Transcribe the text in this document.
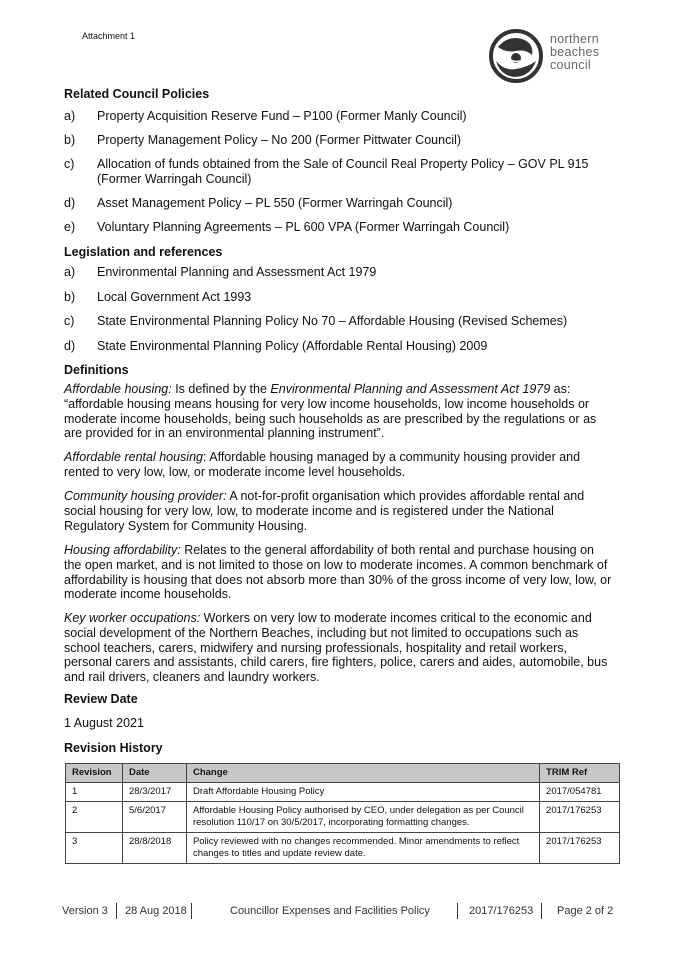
Attachment 1	northern
beaches
council
Related Council Policies
a) Property Acquisition Reserve Fund – P100 (Former Manly Council)
b) Property Management Policy – No 200 (Former Pittwater Council)
c) Allocation of funds obtained from the Sale of Council Real Property Policy – GOV PL 915 (Former Warringah Council)
d) Asset Management Policy – PL 550 (Former Warringah Council)
e) Voluntary Planning Agreements – PL 600 VPA (Former Warringah Council)
Legislation and references
a) Environmental Planning and Assessment Act 1979
b) Local Government Act 1993
c) State Environmental Planning Policy No 70 – Affordable Housing (Revised Schemes)
d) State Environmental Planning Policy (Affordable Rental Housing) 2009
Definitions
Affordable housing: Is defined by the Environmental Planning and Assessment Act 1979 as: “affordable housing means housing for very low income households, low income households or moderate income households, being such households as are prescribed by the regulations or as are provided for in an environmental planning instrument”.
Affordable rental housing: Affordable housing managed by a community housing provider and rented to very low, low, or moderate income level households.
Community housing provider: A not-for-profit organisation which provides affordable rental and social housing for very low, low, to moderate income and is registered under the National Regulatory System for Community Housing.
Housing affordability: Relates to the general affordability of both rental and purchase housing on the open market, and is not limited to those on low to moderate incomes. A common benchmark of affordability is housing that does not absorb more than 30% of the gross income of very low, low, or moderate income households.
Key worker occupations: Workers on very low to moderate incomes critical to the economic and social development of the Northern Beaches, including but not limited to occupations such as school teachers, carers, midwifery and nursing professionals, hospitality and retail workers, personal carers and assistants, child carers, fire fighters, police, carers and aides, automobile, bus and rail drivers, cleaners and laundry workers.
Review Date
1 August 2021
Revision History
Revision	Date	Change	TRIM Ref
1	28/3/2017	Draft Affordable Housing Policy	2017/054781
2	5/6/2017	Affordable Housing Policy authorised by CEO, under delegation as per Council resolution 110/17 on 30/5/2017, incorporating formatting changes.	2017/176253
3	28/8/2018	Policy reviewed with no changes recommended. Minor amendments to reflect changes to titles and update review date.	2017/176253
Version 3 28 Aug 2018	Councillor Expenses and Facilities Policy	2017/176253 Page 2 of 2
